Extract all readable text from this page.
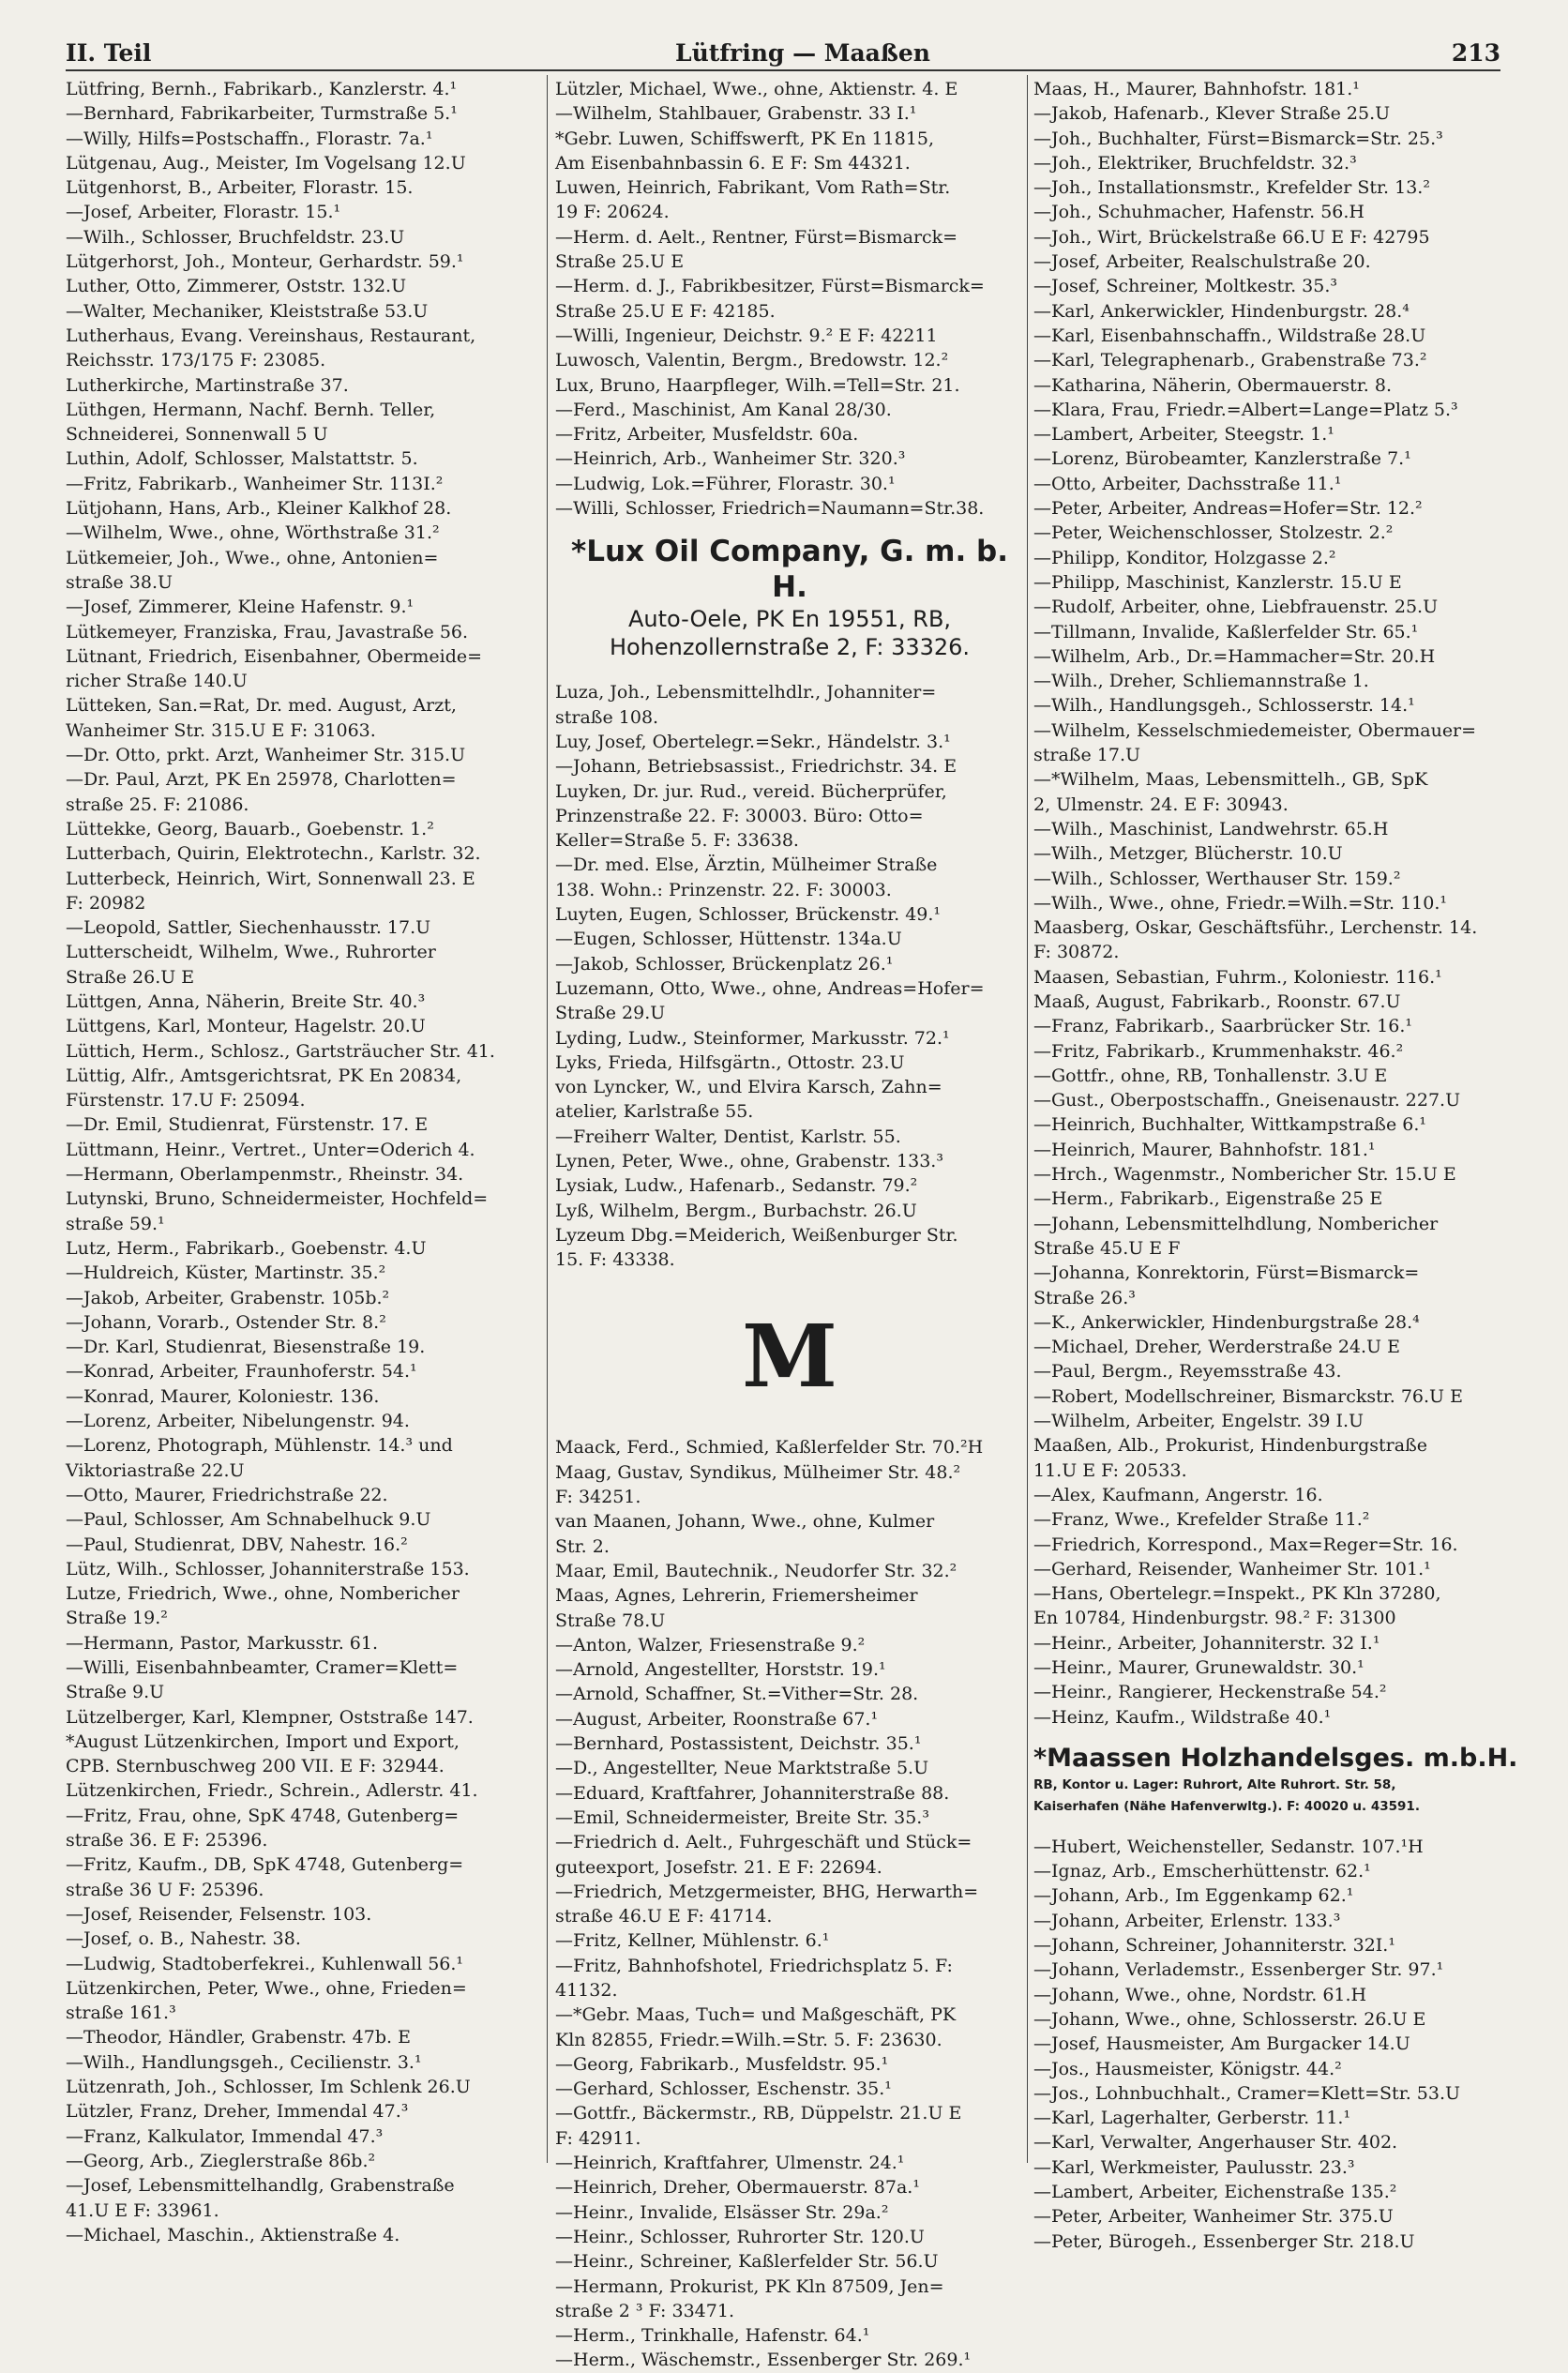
II. Teil	Lütfring — Maaßen	213
Lütfring, Bernh., Fabrikarb., Kanzlerstr. 4.¹
—Bernhard, Fabrikarbeiter, Turmstraße 5.¹
—Willy, Hilfs=Postschaffn., Florastr. 7a.¹
Lütgenau, Aug., Meister, Im Vogelsang 12.U
Lütgenhorst, B., Arbeiter, Florastr. 15.
—Josef, Arbeiter, Florastr. 15.¹
—Wilh., Schlosser, Bruchfeldstr. 23.U
Lütgerhorst, Joh., Monteur, Gerhardstr. 59.¹
Luther, Otto, Zimmerer, Oststr. 132.U
—Walter, Mechaniker, Kleiststraße 53.U
Lutherhaus, Evang. Vereinshaus, Restaurant,
Reichsstr. 173/175 F: 23085.
Lutherkirche, Martinstraße 37.
Lüthgen, Hermann, Nachf. Bernh. Teller,
Schneiderei, Sonnenwall 5 U
Luthin, Adolf, Schlosser, Malstattstr. 5.
—Fritz, Fabrikarb., Wanheimer Str. 113I.²
Lütjohann, Hans, Arb., Kleiner Kalkhof 28.
—Wilhelm, Wwe., ohne, Wörthstraße 31.²
Lütkemeier, Joh., Wwe., ohne, Antonien=
straße 38.U
—Josef, Zimmerer, Kleine Hafenstr. 9.¹
Lütkemeyer, Franziska, Frau, Javastraße 56.
Lütnant, Friedrich, Eisenbahner, Obermeide=
richer Straße 140.U
Lütteken, San.=Rat, Dr. med. August, Arzt,
Wanheimer Str. 315.U E F: 31063.
—Dr. Otto, prkt. Arzt, Wanheimer Str. 315.U
—Dr. Paul, Arzt, PK En 25978, Charlotten=
straße 25. F: 21086.
Lüttekke, Georg, Bauarb., Goebenstr. 1.²
Lutterbach, Quirin, Elektrotechn., Karlstr. 32.
Lutterbeck, Heinrich, Wirt, Sonnenwall 23. E
F: 20982
—Leopold, Sattler, Siechenhausstr. 17.U
Lutterscheidt, Wilhelm, Wwe., Ruhrorter
Straße 26.U E
Lüttgen, Anna, Näherin, Breite Str. 40.³
Lüttgens, Karl, Monteur, Hagelstr. 20.U
Lüttich, Herm., Schlosz., Gartsträucher Str. 41.
Lüttig, Alfr., Amtsgerichtsrat, PK En 20834,
Fürstenstr. 17.U F: 25094.
—Dr. Emil, Studienrat, Fürstenstr. 17. E
Lüttmann, Heinr., Vertret., Unter=Oderich 4.
—Hermann, Oberlampenmstr., Rheinstr. 34.
Lutynski, Bruno, Schneidermeister, Hochfeld=
straße 59.¹
Lutz, Herm., Fabrikarb., Goebenstr. 4.U
—Huldreich, Küster, Martinstr. 35.²
—Jakob, Arbeiter, Grabenstr. 105b.²
—Johann, Vorarb., Ostender Str. 8.²
—Dr. Karl, Studienrat, Biesenstraße 19.
—Konrad, Arbeiter, Fraunhoferstr. 54.¹
—Konrad, Maurer, Koloniestr. 136.
—Lorenz, Arbeiter, Nibelungenstr. 94.
—Lorenz, Photograph, Mühlenstr. 14.³ und
Viktoriastraße 22.U
—Otto, Maurer, Friedrichstraße 22.
—Paul, Schlosser, Am Schnabelhuck 9.U
—Paul, Studienrat, DBV, Nahestr. 16.²
Lütz, Wilh., Schlosser, Johanniterstraße 153.
Lutze, Friedrich, Wwe., ohne, Nombericher
Straße 19.²
—Hermann, Pastor, Markusstr. 61.
—Willi, Eisenbahnbeamter, Cramer=Klett=
Straße 9.U
Lützelberger, Karl, Klempner, Oststraße 147.
*August Lützenkirchen, Import und Export,
CPB. Sternbuschweg 200 VII. E F: 32944.
Lützenkirchen, Friedr., Schrein., Adlerstr. 41.
—Fritz, Frau, ohne, SpK 4748, Gutenberg=
straße 36. E F: 25396.
—Fritz, Kaufm., DB, SpK 4748, Gutenberg=
straße 36 U F: 25396.
—Josef, Reisender, Felsenstr. 103.
—Josef, o. B., Nahestr. 38.
—Ludwig, Stadtoberfekrei., Kuhlenwall 56.¹
Lützenkirchen, Peter, Wwe., ohne, Frieden=
straße 161.³
—Theodor, Händler, Grabenstr. 47b. E
—Wilh., Handlungsgeh., Cecilienstr. 3.¹
Lützenrath, Joh., Schlosser, Im Schlenk 26.U
Lützler, Franz, Dreher, Immendal 47.³
—Franz, Kalkulator, Immendal 47.³
—Georg, Arb., Zieglerstraße 86b.²
—Josef, Lebensmittelhandlg, Grabenstraße
41.U E F: 33961.
—Michael, Maschin., Aktienstraße 4.
Lützler, Michael, Wwe., ohne, Aktienstr. 4. E
—Wilhelm, Stahlbauer, Grabenstr. 33 I.¹
*Gebr. Luwen, Schiffswerft, PK En 11815,
Am Eisenbahnbassin 6. E F: Sm 44321.
Luwen, Heinrich, Fabrikant, Vom Rath=Str.
19 F: 20624.
—Herm. d. Aelt., Rentner, Fürst=Bismarck=
Straße 25.U E
—Herm. d. J., Fabrikbesitzer, Fürst=Bismarck=
Straße 25.U E F: 42185.
—Willi, Ingenieur, Deichstr. 9.² E F: 42211
Luwosch, Valentin, Bergm., Bredowstr. 12.²
Lux, Bruno, Haarpfleger, Wilh.=Tell=Str. 21.
—Ferd., Maschinist, Am Kanal 28/30.
—Fritz, Arbeiter, Musfeldstr. 60a.
—Heinrich, Arb., Wanheimer Str. 320.³
—Ludwig, Lok.=Führer, Florastr. 30.¹
—Willi, Schlosser, Friedrich=Naumann=Str.38.
*Lux Oil Company, G. m. b. H.
Auto-Oele, PK En 19551, RB,
Hohenzollernstraße 2, F: 33326.
Luza, Joh., Lebensmittelhdlr., Johanniter=
straße 108.
Luy, Josef, Obertelegr.=Sekr., Händelstr. 3.¹
—Johann, Betriebsassist., Friedrichstr. 34. E
Luyken, Dr. jur. Rud., vereid. Bücherprüfer,
Prinzenstraße 22. F: 30003. Büro: Otto=
Keller=Straße 5. F: 33638.
—Dr. med. Else, Ärztin, Mülheimer Straße
138. Wohn.: Prinzenstr. 22. F: 30003.
Luyten, Eugen, Schlosser, Brückenstr. 49.¹
—Eugen, Schlosser, Hüttenstr. 134a.U
—Jakob, Schlosser, Brückenplatz 26.¹
Luzemann, Otto, Wwe., ohne, Andreas=Hofer=
Straße 29.U
Lyding, Ludw., Steinformer, Markusstr. 72.¹
Lyks, Frieda, Hilfsgärtn., Ottostr. 23.U
von Lyncker, W., und Elvira Karsch, Zahn=
atelier, Karlstraße 55.
—Freiherr Walter, Dentist, Karlstr. 55.
Lynen, Peter, Wwe., ohne, Grabenstr. 133.³
Lysiak, Ludw., Hafenarb., Sedanstr. 79.²
Lyß, Wilhelm, Bergm., Burbachstr. 26.U
Lyzeum Dbg.=Meiderich, Weißenburger Str.
15. F: 43338.
M
Maack, Ferd., Schmied, Kaßlerfelder Str. 70.²H
Maag, Gustav, Syndikus, Mülheimer Str. 48.²
F: 34251.
van Maanen, Johann, Wwe., ohne, Kulmer
Str. 2.
Maar, Emil, Bautechnik., Neudorfer Str. 32.²
Maas, Agnes, Lehrerin, Friemersheimer
Straße 78.U
—Anton, Walzer, Friesenstraße 9.²
—Arnold, Angestellter, Horststr. 19.¹
—Arnold, Schaffner, St.=Vither=Str. 28.
—August, Arbeiter, Roonstraße 67.¹
—Bernhard, Postassistent, Deichstr. 35.¹
—D., Angestellter, Neue Marktstraße 5.U
—Eduard, Kraftfahrer, Johanniterstraße 88.
—Emil, Schneidermeister, Breite Str. 35.³
—Friedrich d. Aelt., Fuhrgeschäft und Stück=
guteexport, Josefstr. 21. E F: 22694.
—Friedrich, Metzgermeister, BHG, Herwarth=
straße 46.U E F: 41714.
—Fritz, Kellner, Mühlenstr. 6.¹
—Fritz, Bahnhofshotel, Friedrichsplatz 5. F:
41132.
—*Gebr. Maas, Tuch= und Maßgeschäft, PK
Kln 82855, Friedr.=Wilh.=Str. 5. F: 23630.
—Georg, Fabrikarb., Musfeldstr. 95.¹
—Gerhard, Schlosser, Eschenstr. 35.¹
—Gottfr., Bäckermstr., RB, Düppelstr. 21.U E
F: 42911.
—Heinrich, Kraftfahrer, Ulmenstr. 24.¹
—Heinrich, Dreher, Obermauerstr. 87a.¹
—Heinr., Invalide, Elsässer Str. 29a.²
—Heinr., Schlosser, Ruhrorter Str. 120.U
—Heinr., Schreiner, Kaßlerfelder Str. 56.U
—Hermann, Prokurist, PK Kln 87509, Jen=
straße 2 ³ F: 33471.
—Herm., Trinkhalle, Hafenstr. 64.¹
—Herm., Wäschemstr., Essenberger Str. 269.¹
Maas, H., Maurer, Bahnhofstr. 181.¹
—Jakob, Hafenarb., Klever Straße 25.U
—Joh., Buchhalter, Fürst=Bismarck=Str. 25.³
—Joh., Elektriker, Bruchfeldstr. 32.³
—Joh., Installationsmstr., Krefelder Str. 13.²
—Joh., Schuhmacher, Hafenstr. 56.H
—Joh., Wirt, Brückelstraße 66.U E F: 42795
—Josef, Arbeiter, Realschulstraße 20.
—Josef, Schreiner, Moltkestr. 35.³
—Karl, Ankerwickler, Hindenburgstr. 28.⁴
—Karl, Eisenbahnschaffn., Wildstraße 28.U
—Karl, Telegraphenarb., Grabenstraße 73.²
—Katharina, Näherin, Obermauerstr. 8.
—Klara, Frau, Friedr.=Albert=Lange=Platz 5.³
—Lambert, Arbeiter, Steegstr. 1.¹
—Lorenz, Bürobeamter, Kanzlerstraße 7.¹
—Otto, Arbeiter, Dachsstraße 11.¹
—Peter, Arbeiter, Andreas=Hofer=Str. 12.²
—Peter, Weichenschlosser, Stolzestr. 2.²
—Philipp, Konditor, Holzgasse 2.²
—Philipp, Maschinist, Kanzlerstr. 15.U E
—Rudolf, Arbeiter, ohne, Liebfrauenstr. 25.U
—Tillmann, Invalide, Kaßlerfelder Str. 65.¹
—Wilhelm, Arb., Dr.=Hammacher=Str. 20.H
—Wilh., Dreher, Schliemannstraße 1.
—Wilh., Handlungsgeh., Schlosserstr. 14.¹
—Wilhelm, Kesselschmiedemeister, Obermauer=
straße 17.U
—*Wilhelm, Maas, Lebensmittelh., GB, SpK
2, Ulmenstr. 24. E F: 30943.
—Wilh., Maschinist, Landwehrstr. 65.H
—Wilh., Metzger, Blücherstr. 10.U
—Wilh., Schlosser, Werthauser Str. 159.²
—Wilh., Wwe., ohne, Friedr.=Wilh.=Str. 110.¹
Maasberg, Oskar, Geschäftsführ., Lerchenstr. 14.
F: 30872.
Maasen, Sebastian, Fuhrm., Koloniestr. 116.¹
Maaß, August, Fabrikarb., Roonstr. 67.U
—Franz, Fabrikarb., Saarbrücker Str. 16.¹
—Fritz, Fabrikarb., Krummenhakstr. 46.²
—Gottfr., ohne, RB, Tonhallenstr. 3.U E
—Gust., Oberpostschaffn., Gneisenaustr. 227.U
—Heinrich, Buchhalter, Wittkampstraße 6.¹
—Heinrich, Maurer, Bahnhofstr. 181.¹
—Hrch., Wagenmstr., Nombericher Str. 15.U E
—Herm., Fabrikarb., Eigenstraße 25 E
—Johann, Lebensmittelhdlung, Nombericher
Straße 45.U E F
—Johanna, Konrektorin, Fürst=Bismarck=
Straße 26.³
—K., Ankerwickler, Hindenburgstraße 28.⁴
—Michael, Dreher, Werderstraße 24.U E
—Paul, Bergm., Reyemsstraße 43.
—Robert, Modellschreiner, Bismarckstr. 76.U E
—Wilhelm, Arbeiter, Engelstr. 39 I.U
Maaßen, Alb., Prokurist, Hindenburgstraße
11.U E F: 20533.
—Alex, Kaufmann, Angerstr. 16.
—Franz, Wwe., Krefelder Straße 11.²
—Friedrich, Korrespond., Max=Reger=Str. 16.
—Gerhard, Reisender, Wanheimer Str. 101.¹
—Hans, Obertelegr.=Inspekt., PK Kln 37280,
En 10784, Hindenburgstr. 98.² F: 31300
—Heinr., Arbeiter, Johanniterstr. 32 I.¹
—Heinr., Maurer, Grunewaldstr. 30.¹
—Heinr., Rangierer, Heckenstraße 54.²
—Heinz, Kaufm., Wildstraße 40.¹
*Maassen Holzhandelsges. m.b.H.
RB, Kontor u. Lager: Ruhrort, Alte Ruhrort. Str. 58,
Kaiserhafen (Nähe Hafenverwltg.). F: 40020 u. 43591.
—Hubert, Weichensteller, Sedanstr. 107.¹H
—Ignaz, Arb., Emscherhüttenstr. 62.¹
—Johann, Arb., Im Eggenkamp 62.¹
—Johann, Arbeiter, Erlenstr. 133.³
—Johann, Schreiner, Johanniterstr. 32I.¹
—Johann, Verlademstr., Essenberger Str. 97.¹
—Johann, Wwe., ohne, Nordstr. 61.H
—Johann, Wwe., ohne, Schlosserstr. 26.U E
—Josef, Hausmeister, Am Burgacker 14.U
—Jos., Hausmeister, Königstr. 44.²
—Jos., Lohnbuchhalt., Cramer=Klett=Str. 53.U
—Karl, Lagerhalter, Gerberstr. 11.¹
—Karl, Verwalter, Angerhauser Str. 402.
—Karl, Werkmeister, Paulusstr. 23.³
—Lambert, Arbeiter, Eichenstraße 135.²
—Peter, Arbeiter, Wanheimer Str. 375.U
—Peter, Bürogeh., Essenberger Str. 218.U
